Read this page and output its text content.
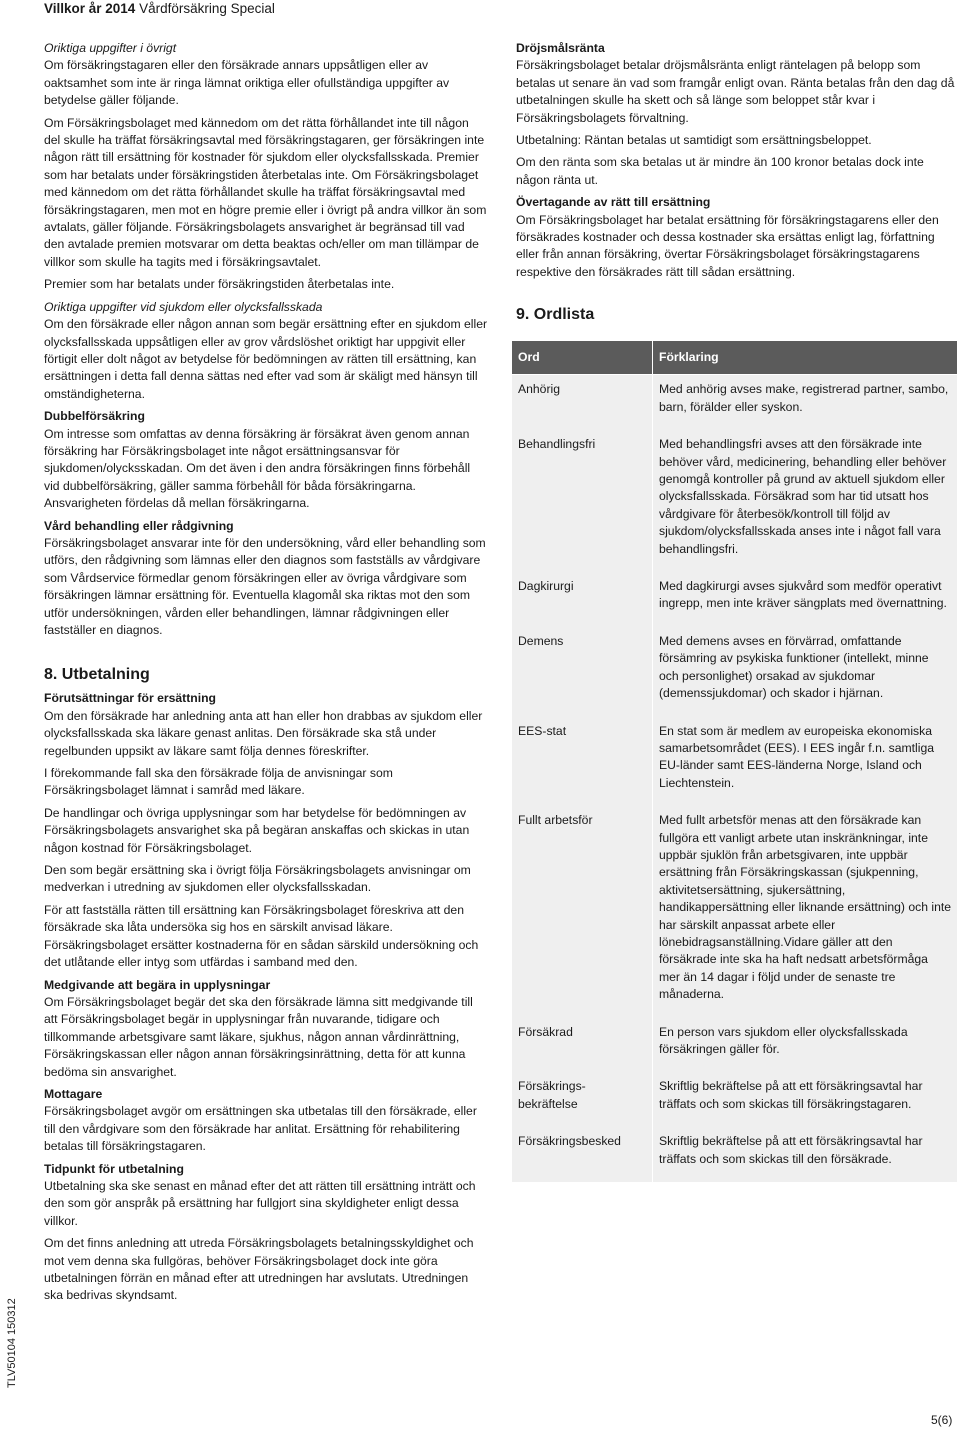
Villkor år 2014 Vårdförsäkring Special
TLV50104 150312
5(6)

Oriktiga uppgifter i övrigt

Om försäkringstagaren eller den försäkrade annars uppsåtligen eller av oaktsamhet som inte är ringa lämnat oriktiga eller ofullständiga uppgifter av betydelse gäller följande.

Om Försäkringsbolaget med kännedom om det rätta förhållandet inte till någon del skulle ha träffat försäkringsavtal med försäkringstagaren, ger försäkringen inte någon rätt till ersättning för kostnader för sjukdom eller olycksfallsskada. Premier som har betalats under försäkringstiden återbetalas inte. Om Försäkringsbolaget med kännedom om det rätta förhållandet skulle ha träffat försäkringsavtal med försäkringstagaren, men mot en högre premie eller i övrigt på andra villkor än som avtalats, gäller följande. Försäkringsbolagets ansvarighet är begränsad till vad den avtalade premien motsvarar om detta beaktas och/eller om man tillämpar de villkor som skulle ha tagits med i försäkringsavtalet.

Premier som har betalats under försäkringstiden återbetalas inte.

Oriktiga uppgifter vid sjukdom eller olycksfallsskada

Om den försäkrade eller någon annan som begär ersättning efter en sjukdom eller olycksfallsskada uppsåtligen eller av grov vårdslöshet oriktigt har uppgivit eller förtigit eller dolt något av betydelse för bedömningen av rätten till ersättning, kan ersättningen i detta fall denna sättas ned efter vad som är skäligt med hänsyn till omständigheterna.

Dubbelförsäkring

Om intresse som omfattas av denna försäkring är försäkrat även genom annan försäkring har Försäkringsbolaget inte något ersättningsansvar för sjukdomen/olycksskadan. Om det även i den andra försäkringen finns förbehåll vid dubbelförsäkring, gäller samma förbehåll för båda försäkringarna. Ansvarigheten fördelas då mellan försäkringarna.

Vård behandling eller rådgivning

Försäkringsbolaget ansvarar inte för den undersökning, vård eller behandling som utförs, den rådgivning som lämnas eller den diagnos som fastställs av vårdgivare som Vårdservice förmedlar genom försäkringen eller av övriga vårdgivare som försäkringen lämnar ersättning för. Eventuella klagomål ska riktas mot den som utför undersökningen, vården eller behandlingen, lämnar rådgivningen eller fastställer en diagnos.

8. Utbetalning

Förutsättningar för ersättning

Om den försäkrade har anledning anta att han eller hon drabbas av sjukdom eller olycksfallsskada ska läkare genast anlitas. Den försäkrade ska stå under regelbunden uppsikt av läkare samt följa dennes föreskrifter.

I förekommande fall ska den försäkrade följa de anvisningar som Försäkringsbolaget lämnat i samråd med läkare.

De handlingar och övriga upplysningar som har betydelse för bedömningen av Försäkringsbolagets ansvarighet ska på begäran anskaffas och skickas in utan någon kostnad för Försäkringsbolaget.

Den som begär ersättning ska i övrigt följa Försäkringsbolagets anvisningar om medverkan i utredning av sjukdomen eller olycksfallsskadan.

För att fastställa rätten till ersättning kan Försäkringsbolaget föreskriva att den försäkrade ska låta undersöka sig hos en särskilt anvisad läkare. Försäkringsbolaget ersätter kostnaderna för en sådan särskild undersökning och det utlåtande eller intyg som utfärdas i samband med den.

Medgivande att begära in upplysningar

Om Försäkringsbolaget begär det ska den försäkrade lämna sitt medgivande till att Försäkringsbolaget begär in upplysningar från nuvarande, tidigare och tillkommande arbetsgivare samt läkare, sjukhus, någon annan vårdinrättning, Försäkringskassan eller någon annan försäkringsinrättning, detta för att kunna bedöma sin ansvarighet.

Mottagare

Försäkringsbolaget avgör om ersättningen ska utbetalas till den försäkrade, eller till den vårdgivare som den försäkrade har anlitat. Ersättning för rehabilitering betalas till försäkringstagaren.

Tidpunkt för utbetalning

Utbetalning ska ske senast en månad efter det att rätten till ersättning inträtt och den som gör anspråk på ersättning har fullgjort sina skyldigheter enligt dessa villkor.

Om det finns anledning att utreda Försäkringsbolagets betalningsskyldighet och mot vem denna ska fullgöras, behöver Försäkringsbolaget dock inte göra utbetalningen förrän en månad efter att utredningen har avslutats. Utredningen ska bedrivas skyndsamt.

Dröjsmålsränta

Försäkringsbolaget betalar dröjsmålsränta enligt räntelagen på belopp som betalas ut senare än vad som framgår enligt ovan. Ränta betalas från den dag då utbetalningen skulle ha skett och så länge som beloppet står kvar i Försäkringsbolagets förvaltning.

Utbetalning: Räntan betalas ut samtidigt som ersättningsbeloppet.

Om den ränta som ska betalas ut är mindre än 100 kronor betalas dock inte någon ränta ut.

Övertagande av rätt till ersättning

Om Försäkringsbolaget har betalat ersättning för försäkringstagarens eller den försäkrades kostnader och dessa kostnader ska ersättas enligt lag, författning eller från annan försäkring, övertar Försäkringsbolaget försäkringstagarens respektive den försäkrades rätt till sådan ersättning.

9. Ordlista

Ord	Förklaring
Anhörig	Med anhörig avses make, registrerad partner, sambo, barn, förälder eller syskon.
Behandlingsfri	Med behandlingsfri avses att den försäkrade inte behöver vård, medicinering, behandling eller behöver genomgå kontroller på grund av aktuell sjukdom eller olycksfallsskada. Försäkrad som har tid utsatt hos vårdgivare för återbesök/kontroll till följd av sjukdom/olycksfallsskada anses inte i något fall vara behandlingsfri.
Dagkirurgi	Med dagkirurgi avses sjukvård som medför operativt ingrepp, men inte kräver sängplats med övernattning.
Demens	Med demens avses en förvärrad, omfattande försämring av psykiska funktioner (intellekt, minne och personlighet) orsakad av sjukdomar (demenssjukdomar) och skador i hjärnan.
EES-stat	En stat som är medlem av europeiska ekonomiska samarbetsområdet (EES). I EES ingår f.n. samtliga EU-länder samt EES-länderna Norge, Island och Liechtenstein.
Fullt arbetsför	Med fullt arbetsför menas att den försäkrade kan fullgöra ett vanligt arbete utan inskränkningar, inte uppbär sjuklön från arbetsgivaren, inte uppbär ersättning från Försäkringskassan (sjukpenning, aktivitetsersättning, sjukersättning, handikappersättning eller liknande ersättning) och inte har särskilt anpassat arbete eller lönebidragsanställning.Vidare gäller att den försäkrade inte ska ha haft nedsatt arbetsförmåga mer än 14 dagar i följd under de senaste tre månaderna.
Försäkrad	En person vars sjukdom eller olycksfallsskada försäkringen gäller för.
Försäkrings-
bekräftelse	Skriftlig bekräftelse på att ett försäkringsavtal har träffats och som skickas till försäkringstagaren.
Försäkringsbesked	Skriftlig bekräftelse på att ett försäkringsavtal har träffats och som skickas till den försäkrade.
